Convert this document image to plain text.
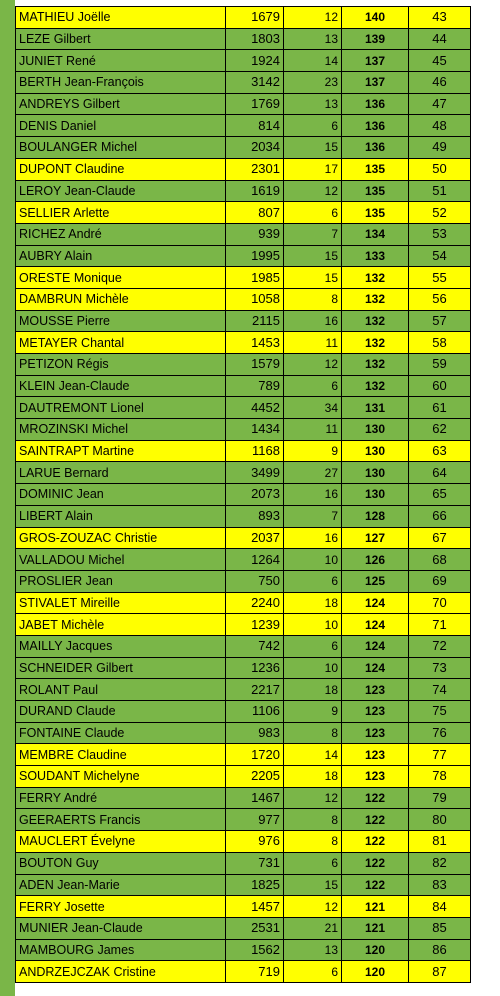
MATHIEU Joëlle	1679	12	140	43
LEZE Gilbert	1803	13	139	44
JUNIET René	1924	14	137	45
BERTH Jean-François	3142	23	137	46
ANDREYS Gilbert	1769	13	136	47
DENIS Daniel	814	6	136	48
BOULANGER Michel	2034	15	136	49
DUPONT Claudine	2301	17	135	50
LEROY Jean-Claude	1619	12	135	51
SELLIER Arlette	807	6	135	52
RICHEZ André	939	7	134	53
AUBRY Alain	1995	15	133	54
ORESTE Monique	1985	15	132	55
DAMBRUN Michèle	1058	8	132	56
MOUSSE Pierre	2115	16	132	57
METAYER Chantal	1453	11	132	58
PETIZON Régis	1579	12	132	59
KLEIN Jean-Claude	789	6	132	60
DAUTREMONT Lionel	4452	34	131	61
MROZINSKI Michel	1434	11	130	62
SAINTRAPT Martine	1168	9	130	63
LARUE Bernard	3499	27	130	64
DOMINIC Jean	2073	16	130	65
LIBERT Alain	893	7	128	66
GROS-ZOUZAC Christie	2037	16	127	67
VALLADOU Michel	1264	10	126	68
PROSLIER Jean	750	6	125	69
STIVALET Mireille	2240	18	124	70
JABET Michèle	1239	10	124	71
MAILLY Jacques	742	6	124	72
SCHNEIDER Gilbert	1236	10	124	73
ROLANT Paul	2217	18	123	74
DURAND Claude	1106	9	123	75
FONTAINE Claude	983	8	123	76
MEMBRE Claudine	1720	14	123	77
SOUDANT Michelyne	2205	18	123	78
FERRY André	1467	12	122	79
GEERAERTS Francis	977	8	122	80
MAUCLERT Évelyne	976	8	122	81
BOUTON Guy	731	6	122	82
ADEN Jean-Marie	1825	15	122	83
FERRY Josette	1457	12	121	84
MUNIER Jean-Claude	2531	21	121	85
MAMBOURG James	1562	13	120	86
ANDRZEJCZAK Cristine	719	6	120	87
